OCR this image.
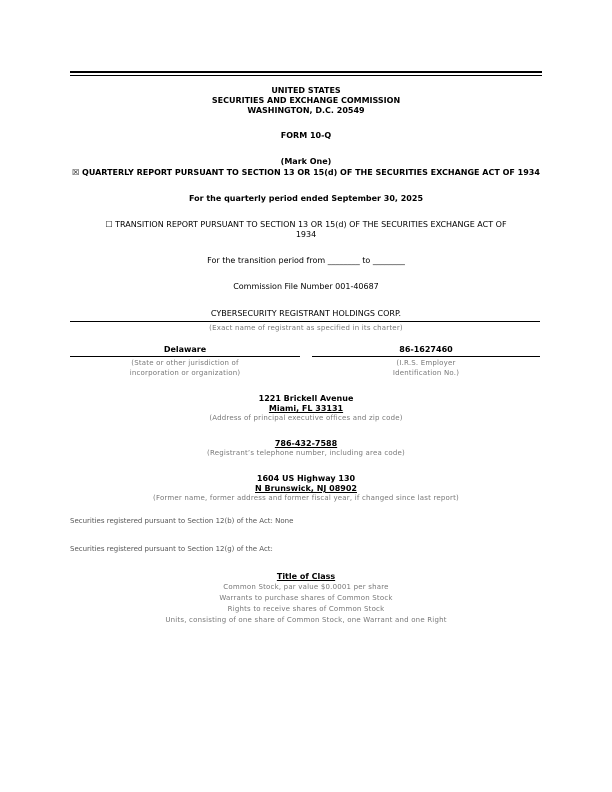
UNITED STATES
SECURITIES AND EXCHANGE COMMISSION
WASHINGTON, D.C. 20549
FORM 10-Q
(Mark One)
☒ QUARTERLY REPORT PURSUANT TO SECTION 13 OR 15(d) OF THE SECURITIES EXCHANGE ACT OF 1934
For the quarterly period ended September 30, 2025
☐ TRANSITION REPORT PURSUANT TO SECTION 13 OR 15(d) OF THE SECURITIES EXCHANGE ACT OF
1934
For the transition period from ________ to ________
Commission File Number 001-40687
CYBERSECURITY REGISTRANT HOLDINGS CORP.
(Exact name of registrant as specified in its charter)
Delaware
(State or other jurisdiction of
incorporation or organization)
86-1627460
(I.R.S. Employer
Identification No.)
1221 Brickell Avenue
Miami, FL 33131
(Address of principal executive offices and zip code)
786-432-7588
(Registrant’s telephone number, including area code)
1604 US Highway 130
N Brunswick, NJ 08902
(Former name, former address and former fiscal year, if changed since last report)
Securities registered pursuant to Section 12(b) of the Act: None
Securities registered pursuant to Section 12(g) of the Act:
Title of Class
Common Stock, par value $0.0001 per share
Warrants to purchase shares of Common Stock
Rights to receive shares of Common Stock
Units, consisting of one share of Common Stock, one Warrant and one Right
